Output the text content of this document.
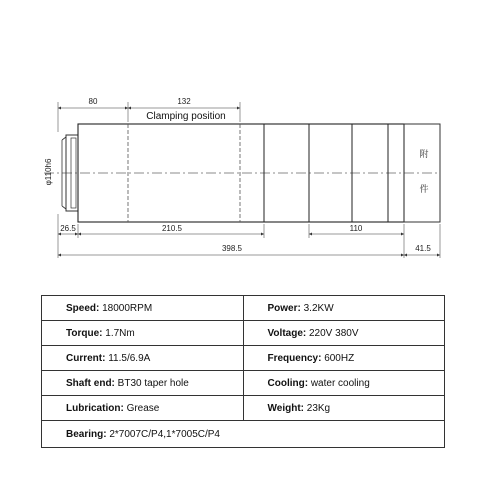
80	132
Clamping position
φ110h6
26.5	210.5	110
398.5	41.5
附
件
Speed: 18000RPM	Power: 3.2KW
Torque: 1.7Nm	Voltage: 220V 380V
Current: 11.5/6.9A	Frequency: 600HZ
Shaft end: BT30 taper hole	Cooling: water cooling
Lubrication: Grease	Weight: 23Kg
Bearing: 2*7007C/P4,1*7005C/P4	
